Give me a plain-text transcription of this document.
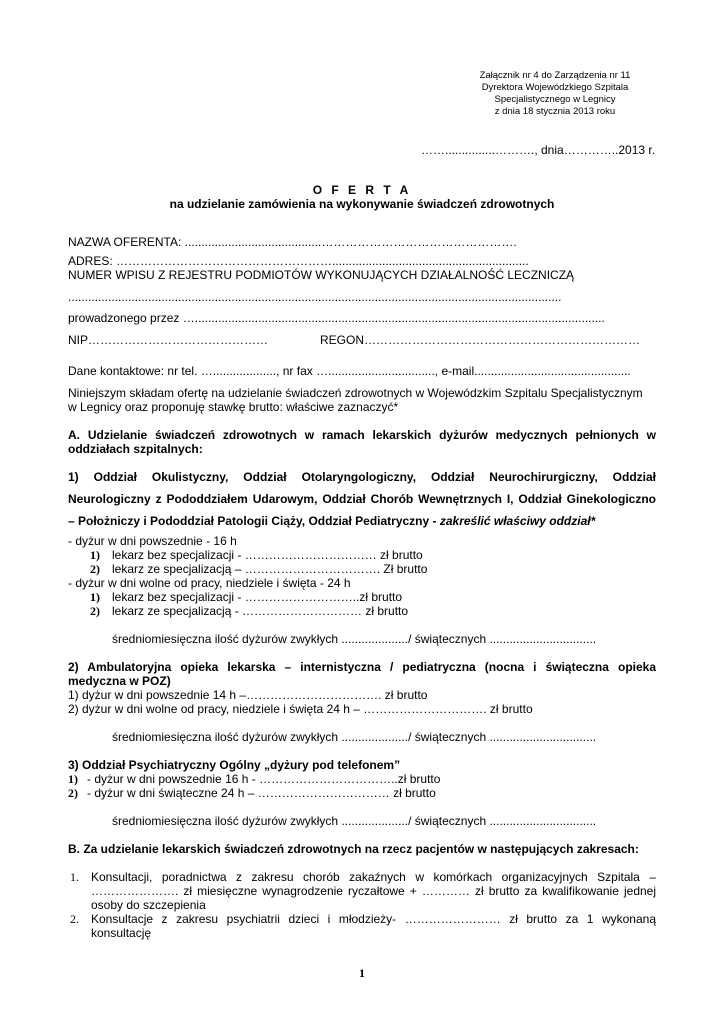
Załącznik nr 4 do Zarządzenia nr 11
Dyrektora Wojewódzkiego Szpitala
Specjalistycznego w Legnicy
z dnia 18 stycznia 2013 roku
……...............………., dnia…………..2013 r.
O F E R T A
na udzielanie zamówienia na wykonywanie świadczeń zdrowotnych
NAZWA OFERENTA: .........................................………………………………………….
ADRES: ………………………………………………...........................................................
NUMER WPISU Z REJESTRU PODMIOTÓW WYKONUJĄCYCH DZIAŁALNOŚĆ LECZNICZĄ
....................................................................................................................................................
prowadzonego przez …...........................................................................................................................
NIP………………………………………	REGON……………………………………………………………
Dane kontaktowe: nr tel. …..................., nr fax …................................, e-mail...............................................
Niniejszym składam ofertę na udzielanie świadczeń zdrowotnych w Wojewódzkim Szpitalu Specjalistycznym
w Legnicy oraz proponuję stawkę brutto: właściwe zaznaczyć*
A. Udzielanie świadczeń zdrowotnych w ramach lekarskich dyżurów medycznych pełnionych w
oddziałach szpitalnych:
1) Oddział Okulistyczny, Oddział Otolaryngologiczny, Oddział Neurochirurgiczny, Oddział
Neurologiczny z Pododdziałem Udarowym, Oddział Chorób Wewnętrznych I, Oddział Ginekologiczno
– Położniczy i Pododdział Patologii Ciąży, Oddział Pediatryczny - zakreślić właściwy oddział*
- dyżur w dni powszednie - 16 h
1) lekarz bez specjalizacji - …………………………… zł brutto
2) lekarz ze specjalizacją – ……………………………. Zł brutto
- dyżur w dni wolne od pracy, niedziele i święta - 24 h
1) lekarz bez specjalizacji - ………………………..zł brutto
2) lekarz ze specjalizacją - ………………………… zł brutto
średniomiesięczna ilość dyżurów zwykłych ..................../ świątecznych ................................
2) Ambulatoryjna opieka lekarska – internistyczna / pediatryczna (nocna i świąteczna opieka
medyczna w POZ)
1) dyżur w dni powszednie 14 h –……………………………. zł brutto
2) dyżur w dni wolne od pracy, niedziele i święta 24 h – …………………………. zł brutto
średniomiesięczna ilość dyżurów zwykłych ..................../ świątecznych ................................
3) Oddział Psychiatryczny Ogólny „dyżury pod telefonem”
1) - dyżur w dni powszednie 16 h - ……………………………..zł brutto
2) - dyżur w dni świąteczne 24 h – …………………………… zł brutto
średniomiesięczna ilość dyżurów zwykłych ..................../ świątecznych ................................
B. Za udzielanie lekarskich świadczeń zdrowotnych na rzecz pacjentów w następujących zakresach:
1. Konsultacji, poradnictwa z zakresu chorób zakaźnych w komórkach organizacyjnych Szpitala –
…………………. zł miesięczne wynagrodzenie ryczałtowe + ………… zł brutto za kwalifikowanie jednej
osoby do szczepienia
2. Konsultacje z zakresu psychiatrii dzieci i młodzieży- …………………… zł brutto za 1 wykonaną
konsultację
1
